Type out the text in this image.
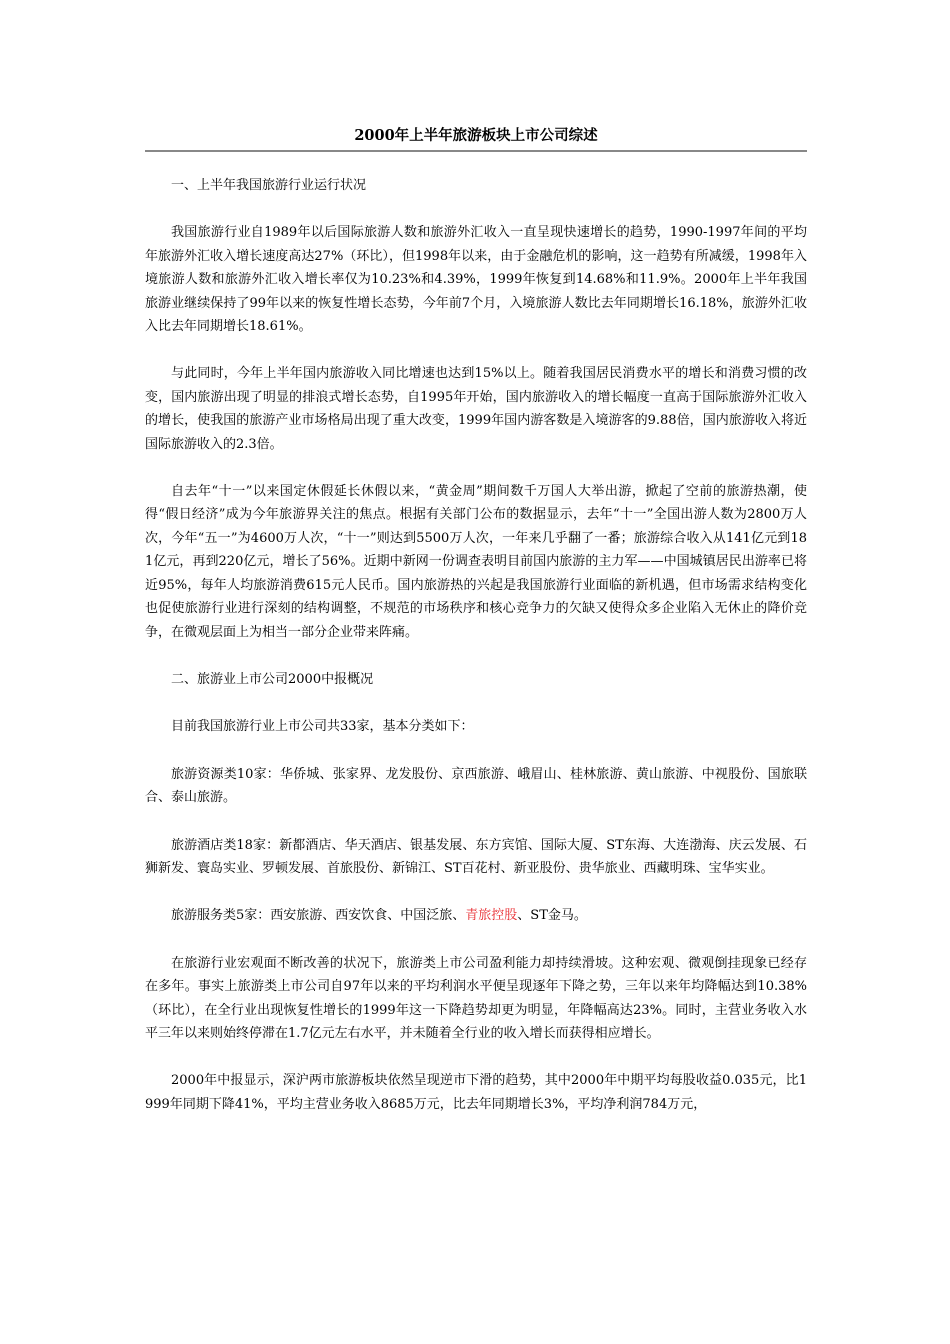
2000年上半年旅游板块上市公司综述

一、上半年我国旅游行业运行状况

我国旅游行业自1989年以后国际旅游人数和旅游外汇收入一直呈现快速增长的趋势，1990-1997年间的平均年旅游外汇收入增长速度高达27%（环比），但1998年以来，由于金融危机的影响，这一趋势有所减缓，1998年入境旅游人数和旅游外汇收入增长率仅为10.23%和4.39%，1999年恢复到14.68%和11.9%。2000年上半年我国旅游业继续保持了99年以来的恢复性增长态势，今年前7个月，入境旅游人数比去年同期增长16.18%，旅游外汇收入比去年同期增长18.61%。

与此同时，今年上半年国内旅游收入同比增速也达到15%以上。随着我国居民消费水平的增长和消费习惯的改变，国内旅游出现了明显的排浪式增长态势，自1995年开始，国内旅游收入的增长幅度一直高于国际旅游外汇收入的增长，使我国的旅游产业市场格局出现了重大改变，1999年国内游客数是入境游客的9.88倍，国内旅游收入将近国际旅游收入的2.3倍。

自去年“十一”以来国定休假延长休假以来，“黄金周”期间数千万国人大举出游，掀起了空前的旅游热潮，使得“假日经济”成为今年旅游界关注的焦点。根据有关部门公布的数据显示，去年“十一”全国出游人数为2800万人次，今年“五一”为4600万人次，“十一”则达到5500万人次，一年来几乎翻了一番；旅游综合收入从141亿元到181亿元，再到220亿元，增长了56%。近期中新网一份调查表明目前国内旅游的主力军——中国城镇居民出游率已将近95%，每年人均旅游消费615元人民币。国内旅游热的兴起是我国旅游行业面临的新机遇，但市场需求结构变化也促使旅游行业进行深刻的结构调整，不规范的市场秩序和核心竞争力的欠缺又使得众多企业陷入无休止的降价竞争，在微观层面上为相当一部分企业带来阵痛。

二、旅游业上市公司2000中报概况

目前我国旅游行业上市公司共33家，基本分类如下：

旅游资源类10家：华侨城、张家界、龙发股份、京西旅游、峨眉山、桂林旅游、黄山旅游、中视股份、国旅联合、泰山旅游。

旅游酒店类18家：新都酒店、华天酒店、银基发展、东方宾馆、国际大厦、ST东海、大连渤海、庆云发展、石狮新发、寰岛实业、罗顿发展、首旅股份、新锦江、ST百花村、新亚股份、贵华旅业、西藏明珠、宝华实业。

旅游服务类5家：西安旅游、西安饮食、中国泛旅、青旅控股、ST金马。

在旅游行业宏观面不断改善的状况下，旅游类上市公司盈利能力却持续滑坡。这种宏观、微观倒挂现象已经存在多年。事实上旅游类上市公司自97年以来的平均利润水平便呈现逐年下降之势，三年以来年均降幅达到10.38%（环比），在全行业出现恢复性增长的1999年这一下降趋势却更为明显，年降幅高达23%。同时，主营业务收入水平三年以来则始终停滞在1.7亿元左右水平，并未随着全行业的收入增长而获得相应增长。

2000年中报显示，深沪两市旅游板块依然呈现逆市下滑的趋势，其中2000年中期平均每股收益0.035元，比1999年同期下降41%，平均主营业务收入8685万元，比去年同期增长3%，平均净利润784万元，
